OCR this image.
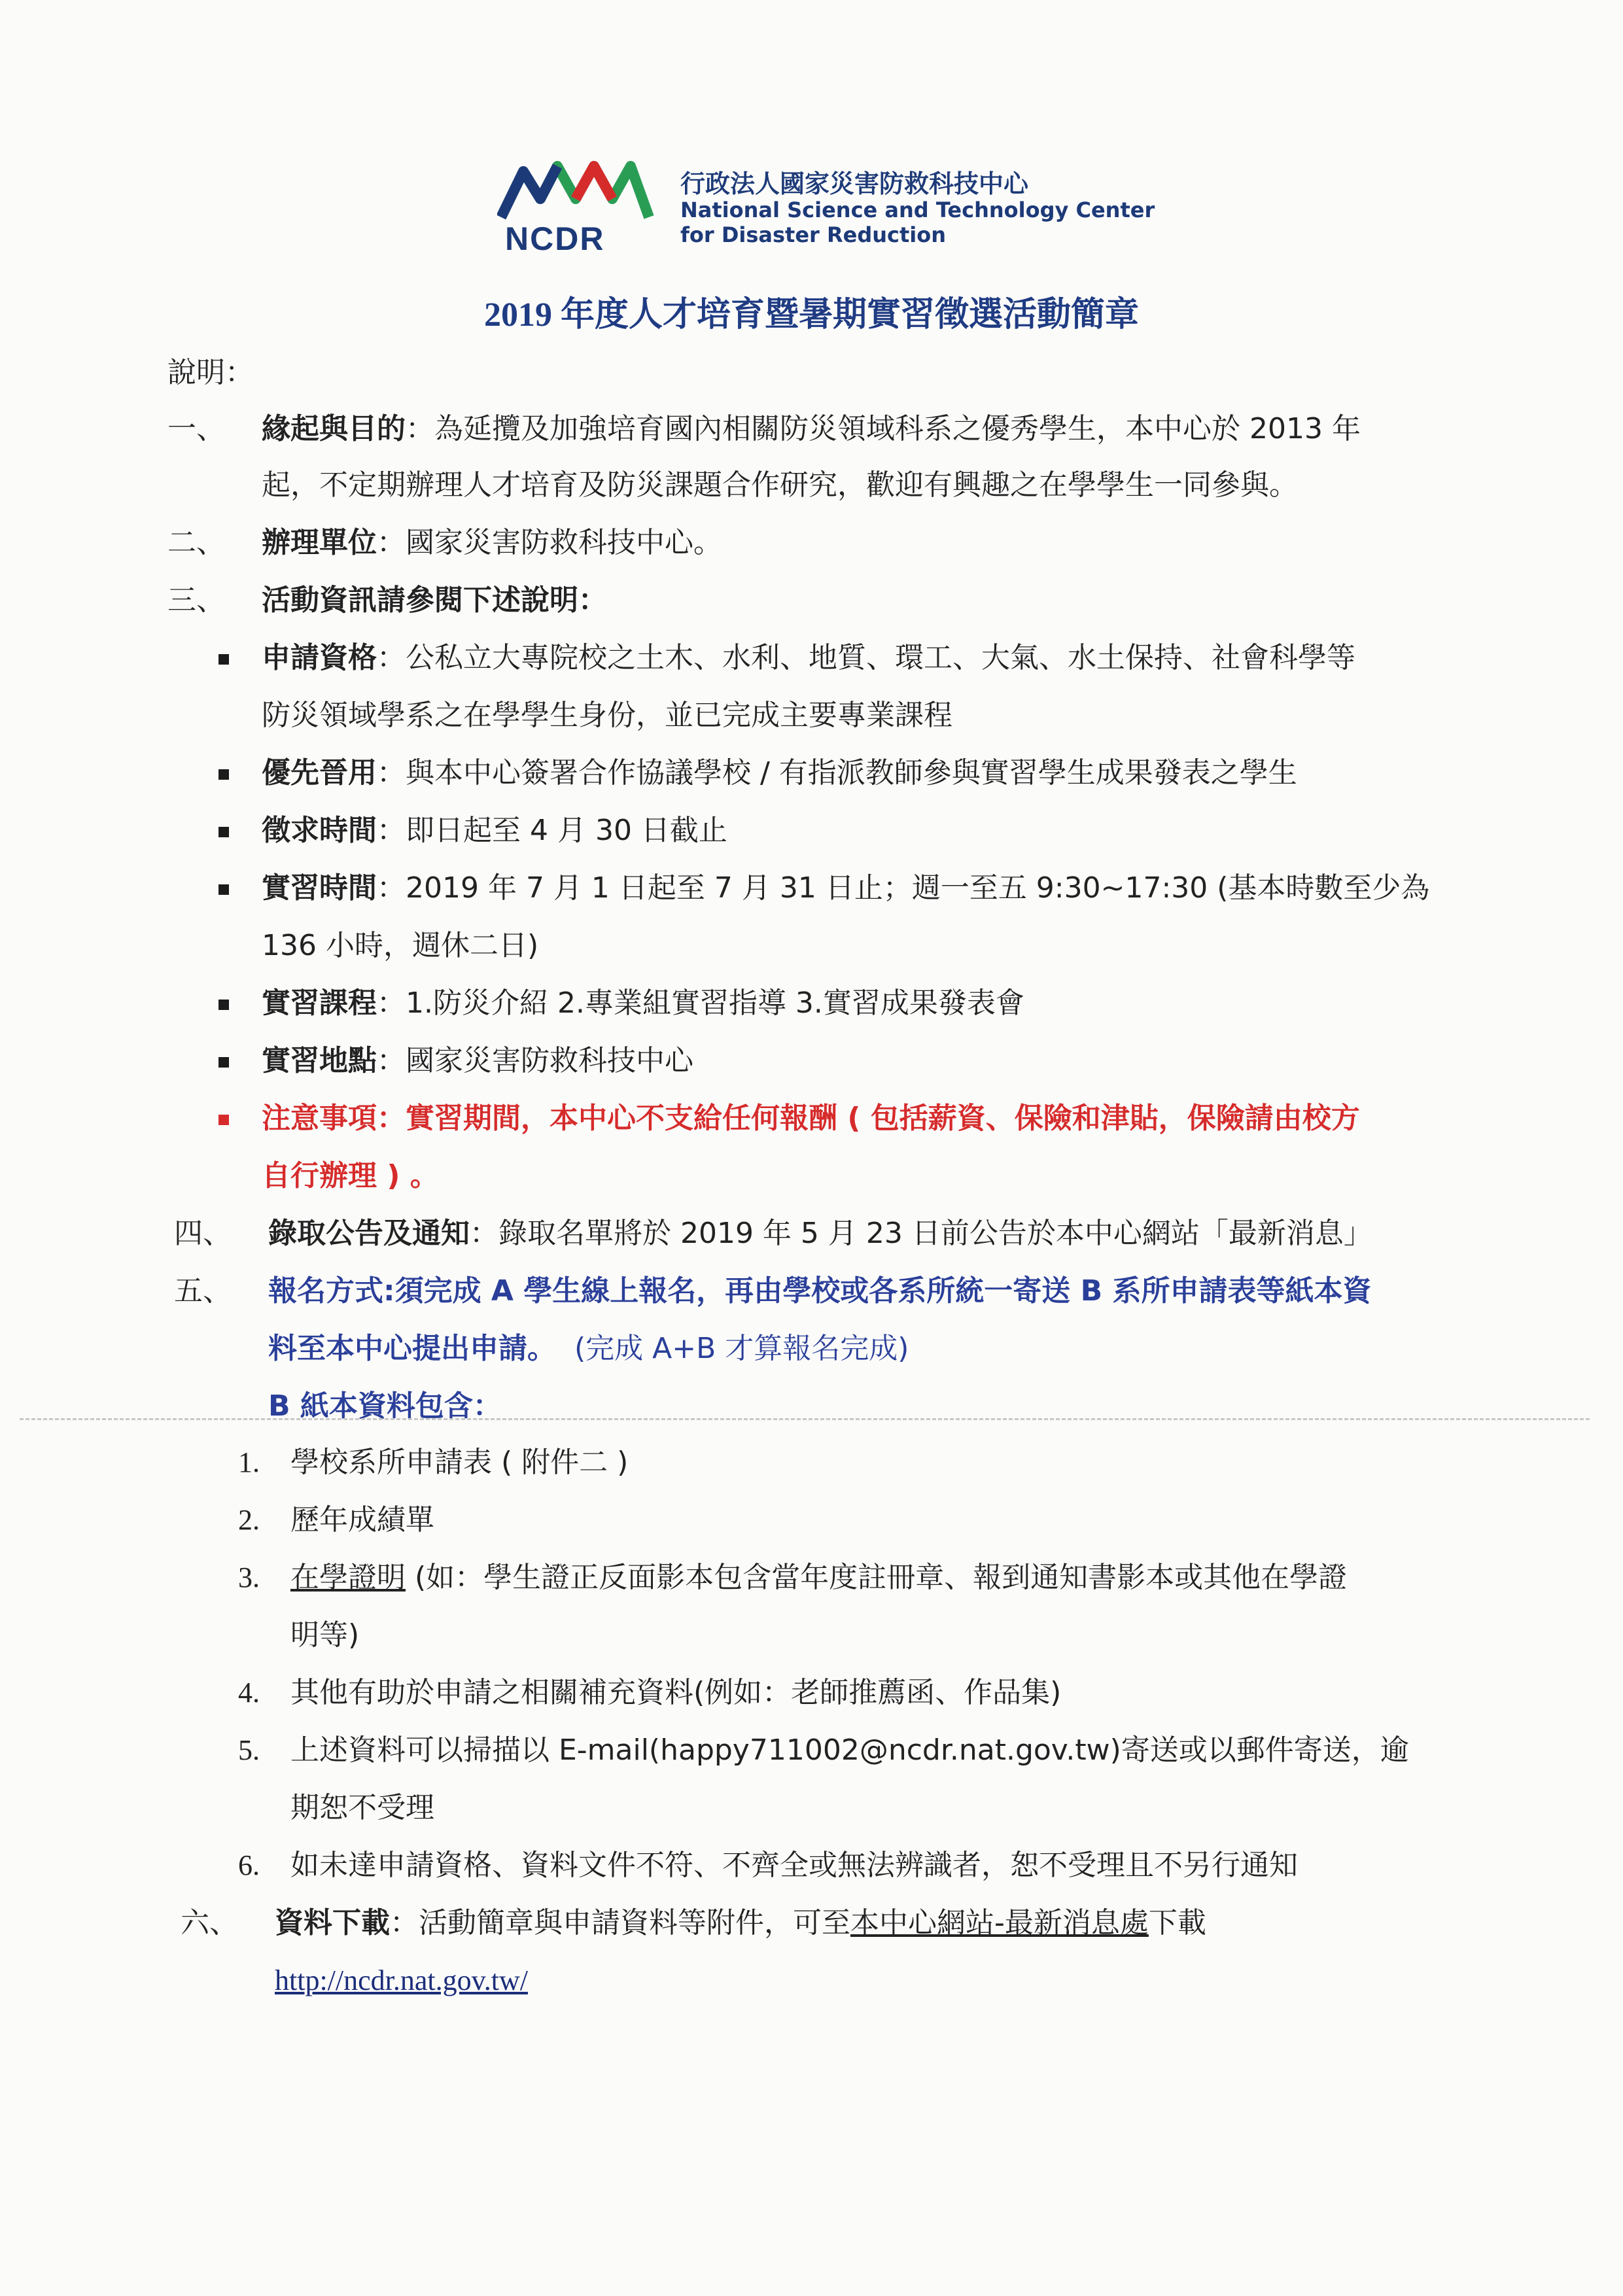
NCDR
行政法人國家災害防救科技中心
National Science and Technology Center
for Disaster Reduction
2019 年度人才培育暨暑期實習徵選活動簡章
說明：
一、 緣起與目的：為延攬及加強培育國內相關防災領域科系之優秀學生，本中心於 2013 年
起，不定期辦理人才培育及防災課題合作研究，歡迎有興趣之在學學生一同參與。
二、 辦理單位：國家災害防救科技中心。
三、 活動資訊請參閱下述說明：
申請資格：公私立大專院校之土木、水利、地質、環工、大氣、水土保持、社會科學等
防災領域學系之在學學生身份，並已完成主要專業課程
優先晉用：與本中心簽署合作協議學校 / 有指派教師參與實習學生成果發表之學生
徵求時間：即日起至 4 月 30 日截止
實習時間：2019 年 7 月 1 日起至 7 月 31 日止；週一至五 9:30~17:30 (基本時數至少為
136 小時，週休二日)
實習課程：1.防災介紹 2.專業組實習指導 3.實習成果發表會
實習地點：國家災害防救科技中心
注意事項：實習期間，本中心不支給任何報酬 ( 包括薪資、保險和津貼，保險請由校方
自行辦理 ) 。
四、 錄取公告及通知：錄取名單將於 2019 年 5 月 23 日前公告於本中心網站「最新消息」
五、 報名方式:須完成 A 學生線上報名，再由學校或各系所統一寄送 B 系所申請表等紙本資
料至本中心提出申請。 (完成 A+B 才算報名完成)
B 紙本資料包含：
1. 學校系所申請表 ( 附件二 )
2. 歷年成績單
3. 在學證明 (如：學生證正反面影本包含當年度註冊章、報到通知書影本或其他在學證
明等)
4. 其他有助於申請之相關補充資料(例如：老師推薦函、作品集)
5. 上述資料可以掃描以 E-mail(happy711002@ncdr.nat.gov.tw)寄送或以郵件寄送，逾
期恕不受理
6. 如未達申請資格、資料文件不符、不齊全或無法辨識者，恕不受理且不另行通知
六、 資料下載：活動簡章與申請資料等附件，可至本中心網站-最新消息處下載
http://ncdr.nat.gov.tw/
